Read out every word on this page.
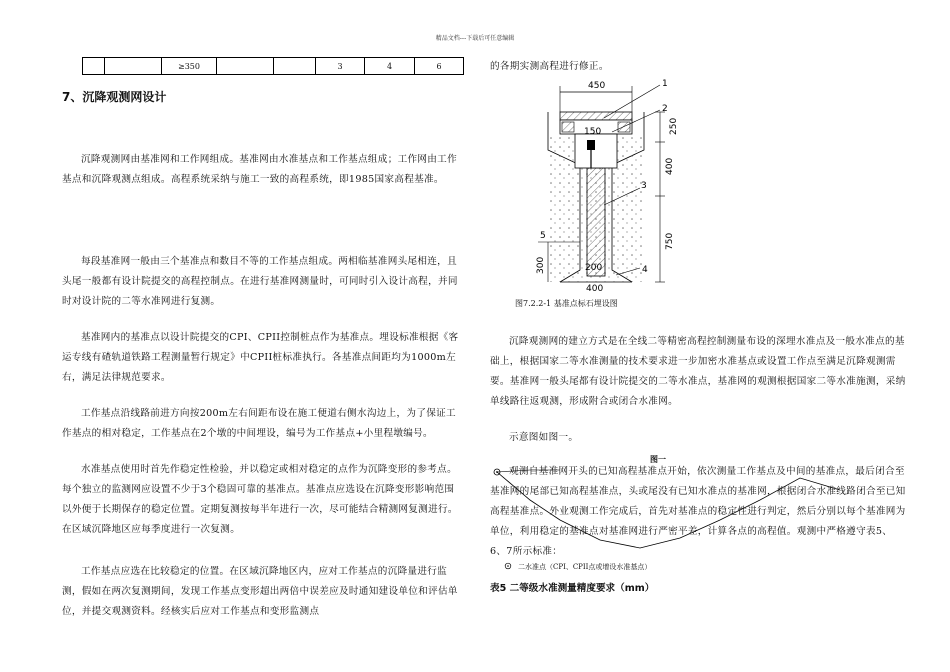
精品文档---下载后可任意编辑
		≥350			3	4	6
7、沉降观测网设计
沉降观测网由基准网和工作网组成。基准网由水准基点和工作基点组成；工作网由工作基点和沉降观测点组成。高程系统采纳与施工一致的高程系统，即1985国家高程基准。
每段基准网一般由三个基准点和数目不等的工作基点组成。两相临基准网头尾相连，且头尾一般都有设计院提交的高程控制点。在进行基准网测量时，可同时引入设计高程，并同时对设计院的二等水准网进行复测。
基准网内的基准点以设计院提交的CPI、CPII控制桩点作为基准点。埋设标准根据《客运专线有碴轨道铁路工程测量暂行规定》中CPII桩标准执行。各基准点间距均为1000m左右，满足法律规范要求。
工作基点沿线路前进方向按200m左右间距布设在施工便道右侧水沟边上，为了保证工作基点的相对稳定，工作基点在2个墩的中间埋设，编号为工作基点+小里程墩编号。
水准基点使用时首先作稳定性检验，并以稳定或相对稳定的点作为沉降变形的参考点。每个独立的监测网应设置不少于3个稳固可靠的基准点。基准点应选设在沉降变形影响范围以外便于长期保存的稳定位置。定期复测按每半年进行一次，尽可能结合精测网复测进行。在区域沉降地区应每季度进行一次复测。
工作基点应选在比较稳定的位置。在区域沉降地区内，应对工作基点的沉降量进行监测，假如在两次复测期间，发现工作基点变形超出两倍中误差应及时通知建设单位和评估单位，并提交观测资料。经核实后应对工作基点和变形监测点
的各期实测高程进行修正。
450
250
150
400
750
300	200
400
1
2
3
4
5
图7.2.2-1 基准点标石埋设图
沉降观测网的建立方式是在全线二等精密高程控制测量布设的深埋水准点及一般水准点的基础上，根据国家二等水准测量的技术要求进一步加密水准基点或设置工作点至满足沉降观测需要。基准网一般头尾都有设计院提交的二等水准点，基准网的观测根据国家二等水准施测，采纳单线路往返观测，形成附合或闭合水准网。
示意图如图一。
图一
观测自基准网开头的已知高程基准点开始，依次测量工作基点及中间的基准点，最后闭合至基准网的尾部已知高程基准点，头或尾没有已知水准点的基准网，根据闭合水准线路闭合至已知高程基准点。外业观测工作完成后，首先对基准点的稳定性进行判定，然后分别以每个基准网为单位，利用稳定的基准点对基准网进行严密平差，计算各点的高程值。观测中严格遵守表5、6、7所示标准：
二水准点（CPI、CPII点或增设水准基点）
表5 二等级水准测量精度要求（mm）
